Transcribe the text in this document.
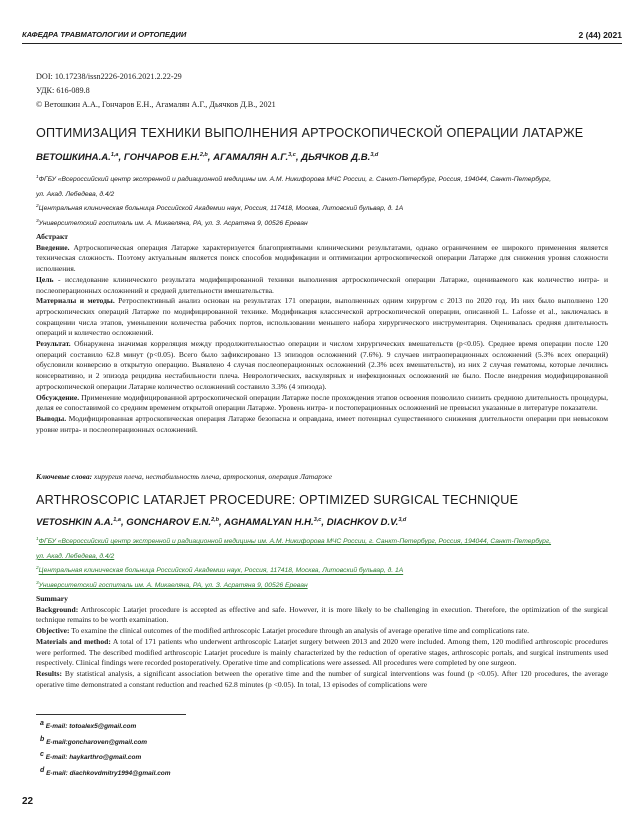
КАФЕДРА ТРАВМАТОЛОГИИ И ОРТОПЕДИИ	2 (44) 2021
DOI: 10.17238/issn2226-2016.2021.2.22-29
УДК: 616-089.8
© Ветошкин А.А., Гончаров Е.Н., Агамалян А.Г., Дьячков Д.В., 2021
ОПТИМИЗАЦИЯ ТЕХНИКИ ВЫПОЛНЕНИЯ АРТРОСКОПИЧЕСКОЙ ОПЕРАЦИИ ЛАТАРЖЕ
ВЕТОШКИНА.А.$^{1,a}$, ГОНЧАРОВ Е.Н.$^{2,b}$, АГАМАЛЯН А.Г.$^{3,c}$, ДЬЯЧКОВ Д.В.$^{3,d}$
$^1$ФГБУ «Всероссийский центр экстренной и радиационной медицины им. А.М. Никифорова МЧС России, г. Санкт-Петербург, Россия, 194044, Санкт-Петербург,
ул. Акад. Лебедева, д.4/2
$^2$Центральная клиническая больница Российской Академии наук, Россия, 117418, Москва, Литовский бульвар, д. 1А
$^3$Университетский госпиталь им. А. Микаеляна, РА, ул. З. Асратяна 9, 00526 Ереван

Абстракт

Введение. Артроскопическая операция Латарже характеризуется благоприятными клиническими результатами, однако ограничением ее широкого применения является техническая сложность. Поэтому актуальным является поиск способов модификации и оптимизации артроскопической операции Латарже для снижения уровня сложности исполнения.

Цель - исследование клинического результата модифицированной техники выполнения артроскопической операции Латарже, оцениваемого как количество интра- и послеоперационных осложнений и средней длительности вмешательства.

Материалы и методы. Ретроспективный анализ основан на результатах 171 операции, выполненных одним хирургом с 2013 по 2020 год. Из них было выполнено 120 артроскопических операций Латарже по модифицированной технике. Модификация классической артроскопической операции, описанной L. Lafosse et al., заключалась в сокращении числа этапов, уменьшении количества рабочих портов, использовании меньшего набора хирургического инструментария. Оценивалась средняя длительность операций и количество осложнений.

Результат. Обнаружена значимая корреляция между продолжительностью операции и числом хирургических вмешательств (p<0.05). Среднее время операции после 120 операций составило 62.8 минут (p<0.05). Всего было зафиксировано 13 эпизодов осложнений (7.6%). 9 случаев интраоперационных осложнений (5.3% всех операций) обусловили конверсию в открытую операцию. Выявлено 4 случая послеоперационных осложнений (2.3% всех вмешательств), из них 2 случая гематомы, которые лечились консервативно, и 2 эпизода рецидива нестабильности плеча. Неврологических, васкулярных и инфекционных осложнений не было. После внедрения модифицированной артроскопической операции Латарже количество осложнений составило 3.3% (4 эпизода).

Обсуждение. Применение модифицированной артроскопической операции Латарже после прохождения этапов освоения позволило снизить среднюю длительность процедуры, делая ее сопоставимой со средним временем открытой операции Латарже. Уровень интра- и постоперационных осложнений не превысил указанные в литературе показатели.

Выводы. Модифицированная артроскопическая операция Латарже безопасна и оправдана, имеет потенциал существенного снижения длительности операции при невысоком уровне интра- и послеоперационных осложнений.

Ключевые слова: хирургия плеча, нестабильность плеча, артроскопия, операция Латарже
ARTHROSCOPIC LATARJET PROCEDURE: OPTIMIZED SURGICAL TECHNIQUE
VETOSHKIN A.A.$^{1,a}$, GONCHAROV E.N.$^{2,b}$, AGHAMALYAN H.H.$^{3,c}$, DIACHKOV D.V.$^{3,d}$
$^1$ФГБУ «Всероссийский центр экстренной и радиационной медицины им. А.М. Никифорова МЧС России, г. Санкт-Петербург, Россия, 194044, Санкт-Петербург,
ул. Акад. Лебедева, д.4/2
$^2$Центральная клиническая больница Российской Академии наук, Россия, 117418, Москва, Литовский бульвар, д. 1А
$^3$Университетский госпиталь им. А. Микаеляна, РА, ул. З. Асратяна 9, 00526 Ереван

Summary

Background: Arthroscopic Latarjet procedure is accepted as effective and safe. However, it is more likely to be challenging in execution. Therefore, the optimization of the surgical technique remains to be worth examination.

Objective: To examine the clinical outcomes of the modified arthroscopic Latarjet procedure through an analysis of average operative time and complications rate.

Materials and method: A total of 171 patients who underwent arthroscopic Latarjet surgery between 2013 and 2020 were included. Among them, 120 modified arthroscopic procedures were performed. The described modified arthroscopic Latarjet procedure is mainly characterized by the reduction of operative stages, arthroscopic portals, and surgical instruments used respectively. Clinical findings were recorded postoperatively. Operative time and complications were assessed. All procedures were completed by one surgeon.

Results: By statistical analysis, a significant association between the operative time and the number of surgical interventions was found (p <0.05). After 120 procedures, the average operative time demonstrated a constant reduction and reached 62.8 minutes (p <0.05). In total, 13 episodes of complications were

$^a$ E-mail: totoalex5@gmail.com
$^b$ E-mail:goncharoven@gmail.com
$^c$ E-mail: haykarthro@gmail.com
$^d$ E-mail: diachkovdmitry1994@gmail.com
22
